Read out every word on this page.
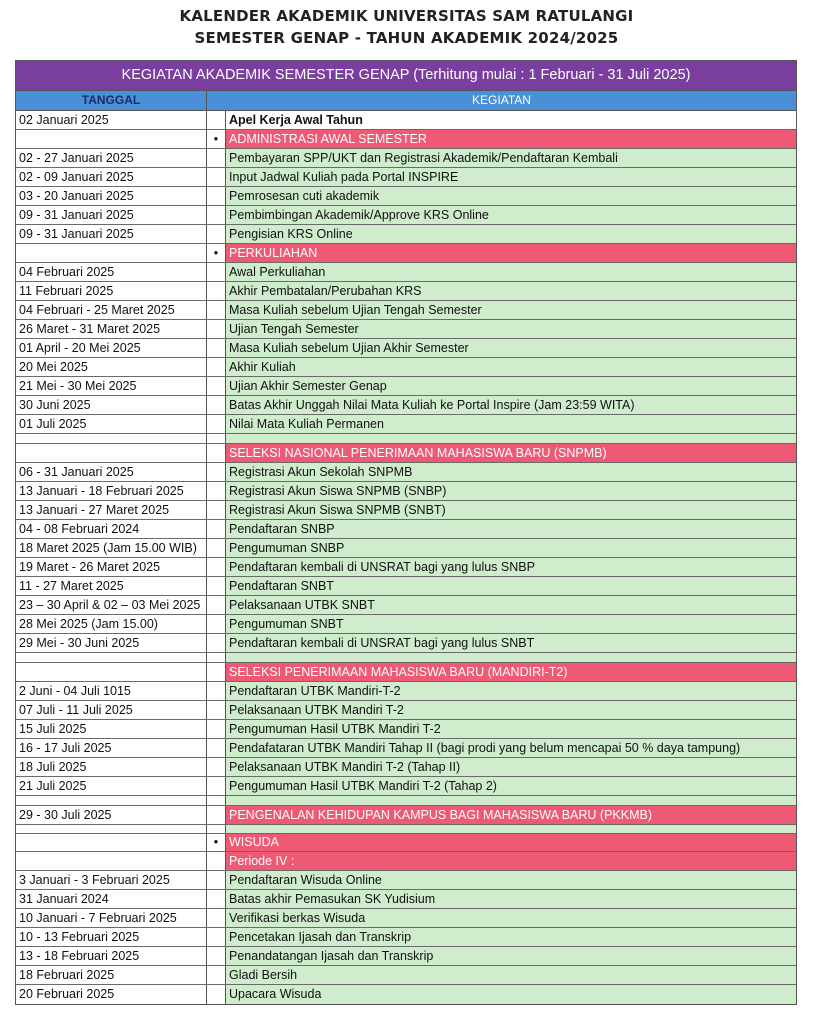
KALENDER AKADEMIK UNIVERSITAS SAM RATULANGI
SEMESTER GENAP - TAHUN AKADEMIK 2024/2025
KEGIATAN AKADEMIK SEMESTER GENAP (Terhitung mulai : 1 Februari - 31 Juli 2025)
TANGGAL	KEGIATAN
02 Januari 2025	Apel Kerja Awal Tahun
• ADMINISTRASI AWAL SEMESTER
02 - 27 Januari 2025	Pembayaran SPP/UKT dan Registrasi Akademik/Pendaftaran Kembali
02 - 09 Januari 2025	Input Jadwal Kuliah pada Portal INSPIRE
03 - 20 Januari 2025	Pemrosesan cuti akademik
09 - 31 Januari 2025	Pembimbingan Akademik/Approve KRS Online
09 - 31 Januari 2025	Pengisian KRS Online
• PERKULIAHAN
04 Februari 2025	Awal Perkuliahan
11 Februari 2025	Akhir Pembatalan/Perubahan KRS
04 Februari - 25 Maret 2025	Masa Kuliah sebelum Ujian Tengah Semester
26 Maret - 31 Maret 2025	Ujian Tengah Semester
01 April - 20 Mei 2025	Masa Kuliah sebelum Ujian Akhir Semester
20 Mei 2025	Akhir Kuliah
21 Mei - 30 Mei 2025	Ujian Akhir Semester Genap
30 Juni 2025	Batas Akhir Unggah Nilai Mata Kuliah ke Portal Inspire (Jam 23:59 WITA)
01 Juli 2025	Nilai Mata Kuliah Permanen
SELEKSI NASIONAL PENERIMAAN MAHASISWA BARU (SNPMB)
06 - 31 Januari 2025	Registrasi Akun Sekolah SNPMB
13 Januari - 18 Februari 2025	Registrasi Akun Siswa SNPMB (SNBP)
13 Januari - 27 Maret 2025	Registrasi Akun Siswa SNPMB (SNBT)
04 - 08 Februari 2024	Pendaftaran SNBP
18 Maret 2025 (Jam 15.00 WIB)	Pengumuman SNBP
19 Maret - 26 Maret 2025	Pendaftaran kembali di UNSRAT bagi yang lulus SNBP
11 - 27 Maret 2025	Pendaftaran SNBT
23 – 30 April & 02 – 03 Mei 2025	Pelaksanaan UTBK SNBT
28 Mei 2025 (Jam 15.00)	Pengumuman SNBT
29 Mei - 30 Juni 2025	Pendaftaran kembali di UNSRAT bagi yang lulus SNBT
SELEKSI PENERIMAAN MAHASISWA BARU (MANDIRI-T2)
2 Juni - 04 Juli 1015	Pendaftaran UTBK Mandiri-T-2
07 Juli - 11 Juli 2025	Pelaksanaan UTBK Mandiri T-2
15 Juli 2025	Pengumuman Hasil UTBK Mandiri T-2
16 - 17 Juli 2025	Pendafataran UTBK Mandiri Tahap II (bagi prodi yang belum mencapai 50 % daya tampung)
18 Juli 2025	Pelaksanaan UTBK Mandiri T-2 (Tahap II)
21 Juli 2025	Pengumuman Hasil UTBK Mandiri T-2 (Tahap 2)
29 - 30 Juli 2025	PENGENALAN KEHIDUPAN KAMPUS BAGI MAHASISWA BARU (PKKMB)
• WISUDA
Periode IV :
3 Januari - 3 Februari 2025	Pendaftaran Wisuda Online
31 Januari 2024	Batas akhir Pemasukan SK Yudisium
10 Januari - 7 Februari 2025	Verifikasi berkas Wisuda
10 - 13 Februari 2025	Pencetakan Ijasah dan Transkrip
13 - 18 Februari 2025	Penandatangan Ijasah dan Transkrip
18 Februari 2025	Gladi Bersih
20 Februari 2025	Upacara Wisuda
